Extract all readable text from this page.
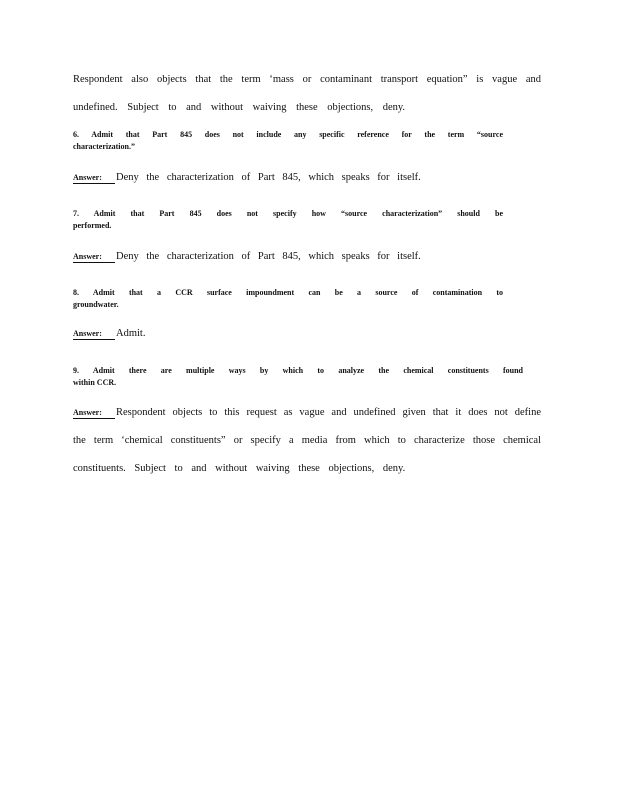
Respondent also objects that the term ‘mass or contaminant transport equation” is vague and
undefined. Subject to and without waiving these objections, deny.
6. Admit that Part 845 does not include any specific reference for the term “source
characterization.”
Answer: Deny the characterization of Part 845, which speaks for itself.
7. Admit that Part 845 does not specify how “source characterization” should be
performed.
Answer: Deny the characterization of Part 845, which speaks for itself.
8. Admit that a CCR surface impoundment can be a source of contamination to
groundwater.
Answer: Admit.
9. Admit there are multiple ways by which to analyze the chemical constituents found
within CCR.
Answer: Respondent objects to this request as vague and undefined given that it does not define
the term ‘chemical constituents” or specify a media from which to characterize those chemical
constituents. Subject to and without waiving these objections, deny.
